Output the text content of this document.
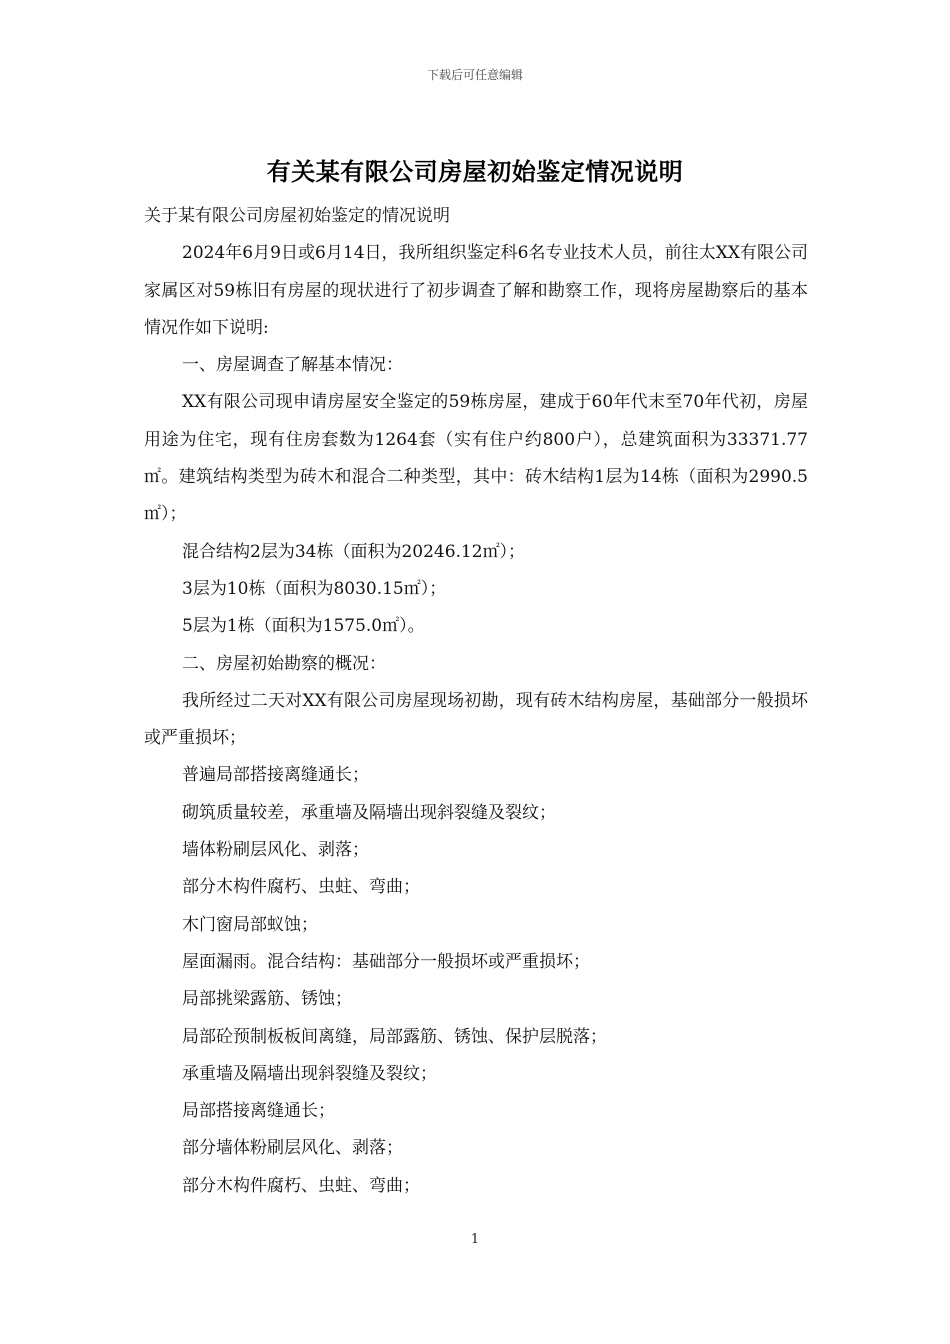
下载后可任意编辑
有关某有限公司房屋初始鉴定情况说明

关于某有限公司房屋初始鉴定的情况说明

2024年6月9日或6月14日，我所组织鉴定科6名专业技术人员，前往太XX有限公司家属区对59栋旧有房屋的现状进行了初步调查了解和勘察工作，现将房屋勘察后的基本情况作如下说明:

一、房屋调查了解基本情况：

XX有限公司现申请房屋安全鉴定的59栋房屋，建成于60年代末至70年代初，房屋用途为住宅，现有住房套数为1264套（实有住户约800户），总建筑面积为33371.77㎡。建筑结构类型为砖木和混合二种类型，其中：砖木结构1层为14栋（面积为2990.5㎡）；

混合结构2层为34栋（面积为20246.12㎡）；

3层为10栋（面积为8030.15㎡）；

5层为1栋（面积为1575.0㎡）。

二、房屋初始勘察的概况：

我所经过二天对XX有限公司房屋现场初勘，现有砖木结构房屋，基础部分一般损坏或严重损坏；

普遍局部搭接离缝通长；

砌筑质量较差，承重墙及隔墙出现斜裂缝及裂纹；

墙体粉刷层风化、剥落；

部分木构件腐朽、虫蛀、弯曲；

木门窗局部蚁蚀；

屋面漏雨。混合结构：基础部分一般损坏或严重损坏；

局部挑梁露筋、锈蚀；

局部砼预制板板间离缝，局部露筋、锈蚀、保护层脱落；

承重墙及隔墙出现斜裂缝及裂纹；

局部搭接离缝通长；

部分墙体粉刷层风化、剥落；

部分木构件腐朽、虫蛀、弯曲；

1
